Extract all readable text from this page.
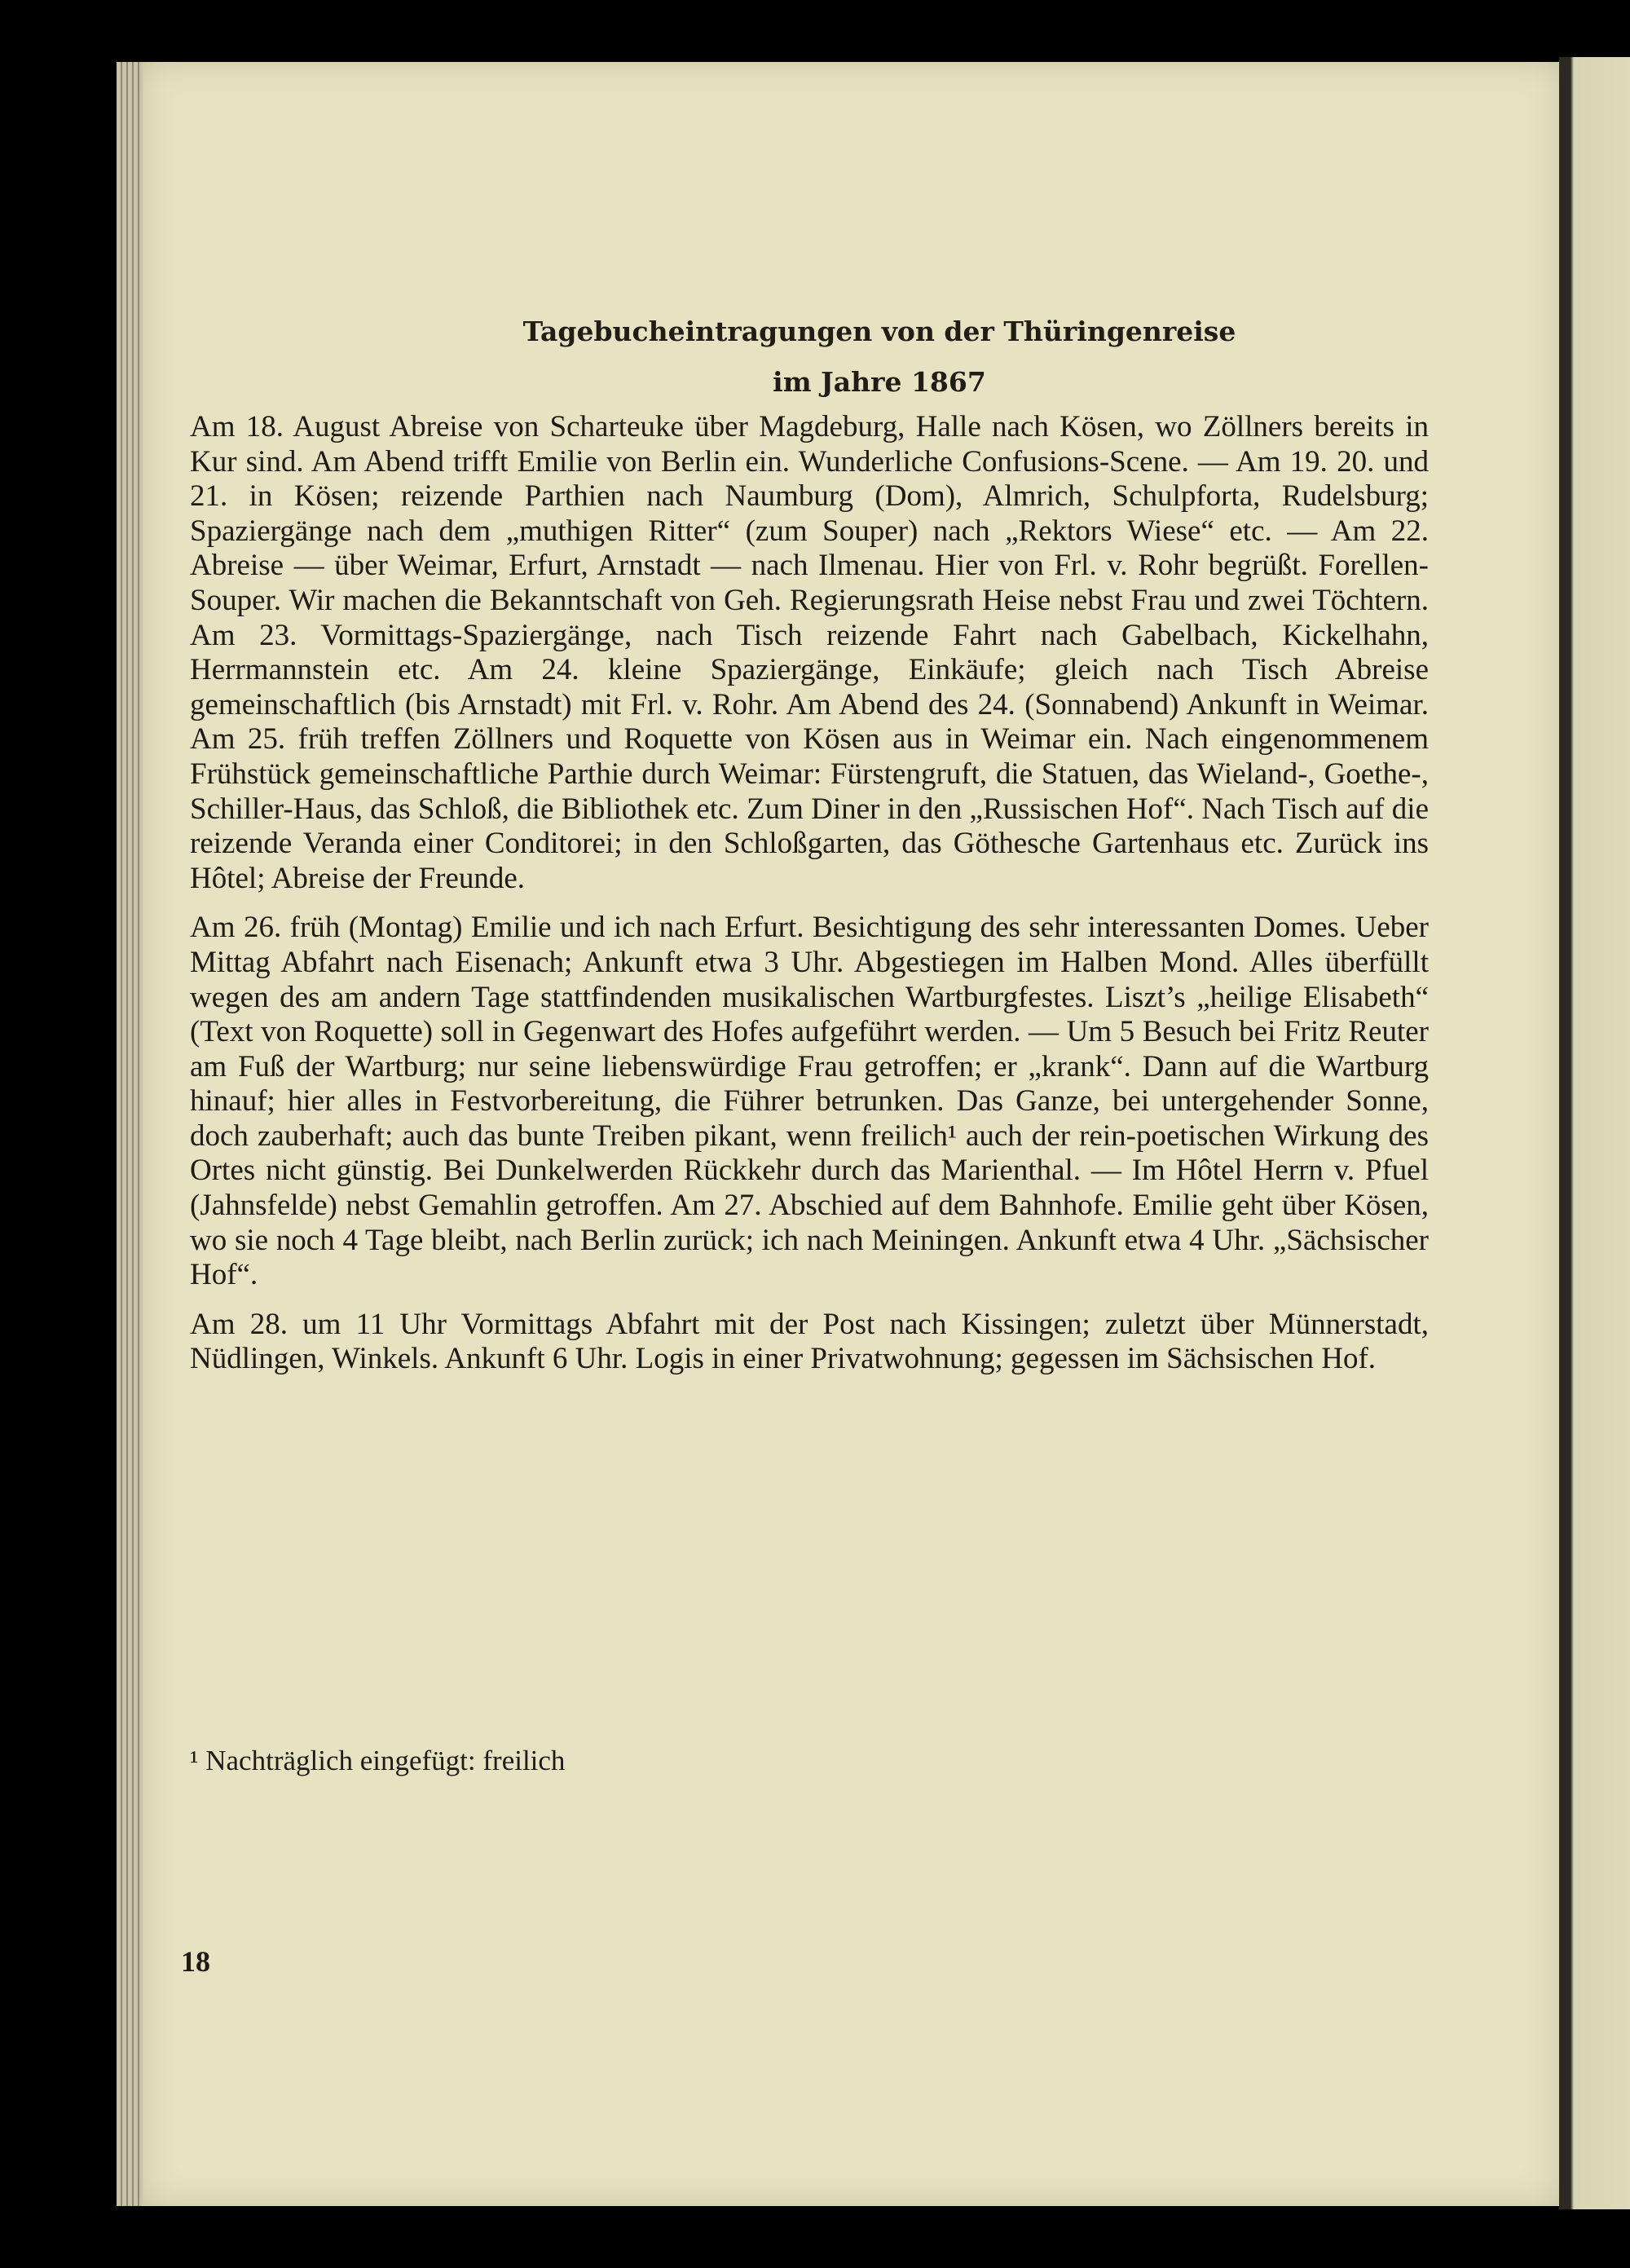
Tagebucheintragungen von der Thüringenreise
im Jahre 1867

Am 18. August Abreise von Scharteuke über Magdeburg, Halle nach Kösen, wo Zöllners bereits in Kur sind. Am Abend trifft Emilie von Berlin ein. Wunderliche Confusions-Scene. — Am 19. 20. und 21. in Kösen; reizende Parthien nach Naumburg (Dom), Almrich, Schulpforta, Rudelsburg; Spaziergänge nach dem „muthigen Ritter“ (zum Souper) nach „Rektors Wiese“ etc. — Am 22. Abreise — über Weimar, Erfurt, Arnstadt — nach Ilmenau. Hier von Frl. v. Rohr begrüßt. Forellen-Souper. Wir machen die Bekanntschaft von Geh. Regierungsrath Heise nebst Frau und zwei Töchtern. Am 23. Vormittags-Spaziergänge, nach Tisch reizende Fahrt nach Gabelbach, Kickelhahn, Herrmannstein etc. Am 24. kleine Spaziergänge, Einkäufe; gleich nach Tisch Abreise gemeinschaftlich (bis Arnstadt) mit Frl. v. Rohr. Am Abend des 24. (Sonnabend) Ankunft in Weimar. Am 25. früh treffen Zöllners und Roquette von Kösen aus in Weimar ein. Nach eingenommenem Frühstück gemeinschaftliche Parthie durch Weimar: Fürstengruft, die Statuen, das Wieland-, Goethe-, Schiller-Haus, das Schloß, die Bibliothek etc. Zum Diner in den „Russischen Hof“. Nach Tisch auf die reizende Veranda einer Conditorei; in den Schloßgarten, das Göthesche Gartenhaus etc. Zurück ins Hôtel; Abreise der Freunde.

Am 26. früh (Montag) Emilie und ich nach Erfurt. Besichtigung des sehr interessanten Domes. Ueber Mittag Abfahrt nach Eisenach; Ankunft etwa 3 Uhr. Abgestiegen im Halben Mond. Alles überfüllt wegen des am andern Tage stattfindenden musikalischen Wartburgfestes. Liszt’s „heilige Elisabeth“ (Text von Roquette) soll in Gegenwart des Hofes aufgeführt werden. — Um 5 Besuch bei Fritz Reuter am Fuß der Wartburg; nur seine liebenswürdige Frau getroffen; er „krank“. Dann auf die Wartburg hinauf; hier alles in Festvorbereitung, die Führer betrunken. Das Ganze, bei untergehender Sonne, doch zauberhaft; auch das bunte Treiben pikant, wenn freilich¹ auch der rein-poetischen Wirkung des Ortes nicht günstig. Bei Dunkelwerden Rückkehr durch das Marienthal. — Im Hôtel Herrn v. Pfuel (Jahnsfelde) nebst Gemahlin getroffen. Am 27. Abschied auf dem Bahnhofe. Emilie geht über Kösen, wo sie noch 4 Tage bleibt, nach Berlin zurück; ich nach Meiningen. Ankunft etwa 4 Uhr. „Sächsischer Hof“.

Am 28. um 11 Uhr Vormittags Abfahrt mit der Post nach Kissingen; zuletzt über Münnerstadt, Nüdlingen, Winkels. Ankunft 6 Uhr. Logis in einer Privatwohnung; gegessen im Sächsischen Hof.

¹ Nachträglich eingefügt: freilich
18
